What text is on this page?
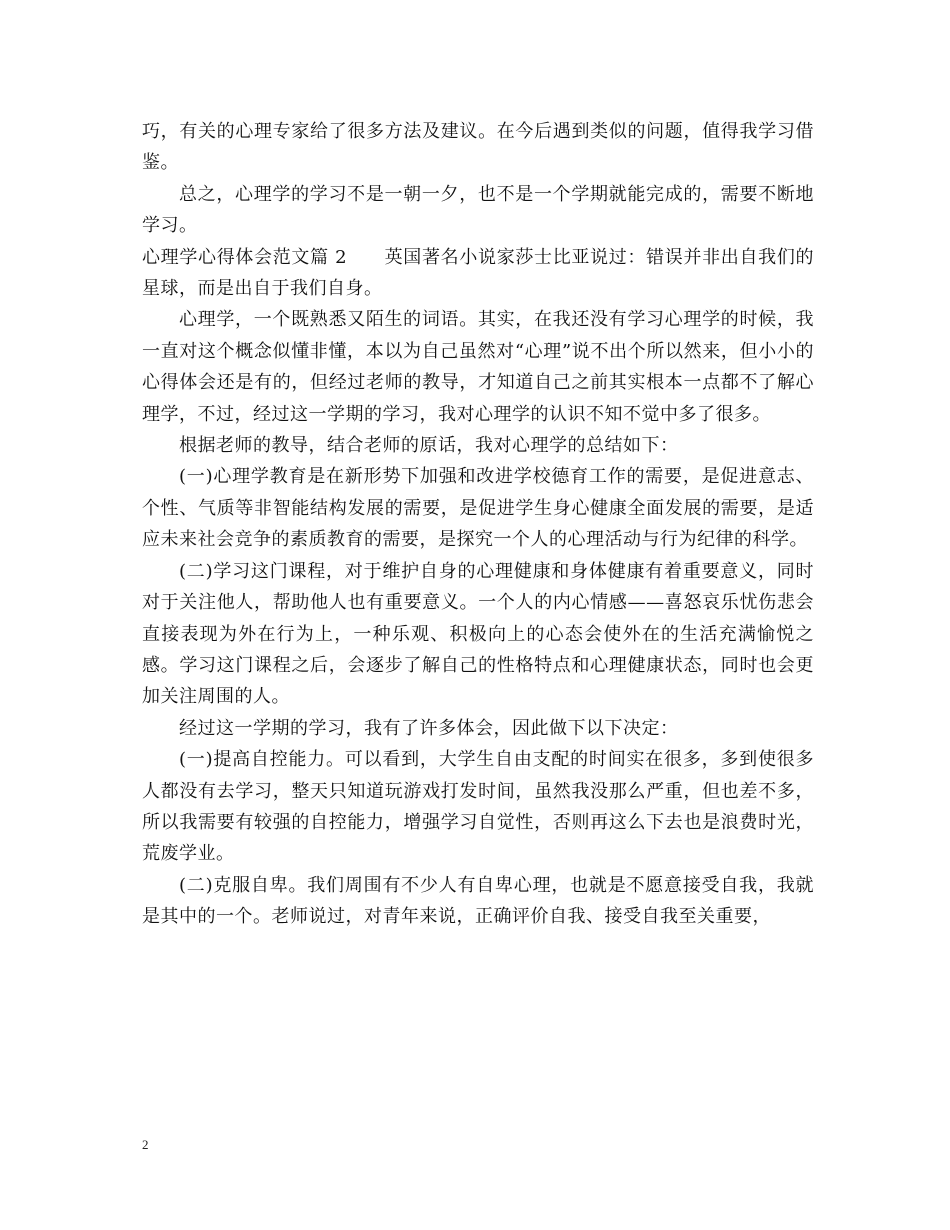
巧，有关的心理专家给了很多方法及建议。在今后遇到类似的问题，值得我学习借鉴。

总之，心理学的学习不是一朝一夕，也不是一个学期就能完成的，需要不断地学习。

心理学心得体会范文篇 2　　英国著名小说家莎士比亚说过：错误并非出自我们的星球，而是出自于我们自身。

心理学，一个既熟悉又陌生的词语。其实，在我还没有学习心理学的时候，我一直对这个概念似懂非懂，本以为自己虽然对“心理”说不出个所以然来，但小小的心得体会还是有的，但经过老师的教导，才知道自己之前其实根本一点都不了解心理学，不过，经过这一学期的学习，我对心理学的认识不知不觉中多了很多。

根据老师的教导，结合老师的原话，我对心理学的总结如下：

(一)心理学教育是在新形势下加强和改进学校德育工作的需要，是促进意志、个性、气质等非智能结构发展的需要，是促进学生身心健康全面发展的需要，是适应未来社会竞争的素质教育的需要，是探究一个人的心理活动与行为纪律的科学。

(二)学习这门课程，对于维护自身的心理健康和身体健康有着重要意义，同时对于关注他人，帮助他人也有重要意义。一个人的内心情感——喜怒哀乐忧伤悲会直接表现为外在行为上，一种乐观、积极向上的心态会使外在的生活充满愉悦之感。学习这门课程之后，会逐步了解自己的性格特点和心理健康状态，同时也会更加关注周围的人。

经过这一学期的学习，我有了许多体会，因此做下以下决定：

(一)提高自控能力。可以看到，大学生自由支配的时间实在很多，多到使很多人都没有去学习，整天只知道玩游戏打发时间，虽然我没那么严重，但也差不多，所以我需要有较强的自控能力，增强学习自觉性，否则再这么下去也是浪费时光，荒废学业。

(二)克服自卑。我们周围有不少人有自卑心理，也就是不愿意接受自我，我就是其中的一个。老师说过，对青年来说，正确评价自我、接受自我至关重要，

2
